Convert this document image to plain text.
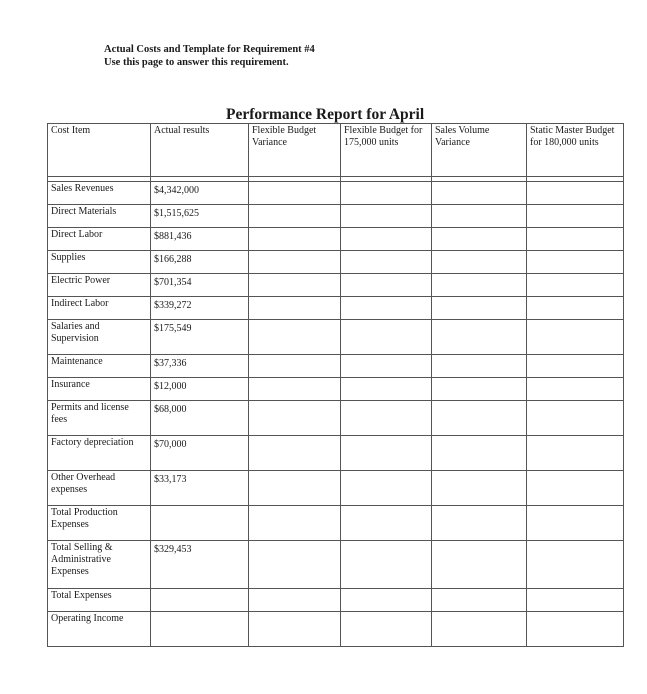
Actual Costs and Template for Requirement #4
Use this page to answer this requirement.
Performance Report for April
Cost Item	Actual results	Flexible Budget Variance	Flexible Budget for 175,000 units	Sales Volume Variance	Static Master Budget for 180,000 units

Sales Revenues	$4,342,000				
Direct Materials	$1,515,625				
Direct Labor	$881,436				
Supplies	$166,288				
Electric Power	$701,354				
Indirect Labor	$339,272				
Salaries and Supervision	$175,549				
Maintenance	$37,336				
Insurance	$12,000				
Permits and license fees	$68,000				
Factory depreciation	$70,000				
Other Overhead expenses	$33,173				
Total Production Expenses					
Total Selling & Administrative Expenses	$329,453				
Total Expenses					
Operating Income					
